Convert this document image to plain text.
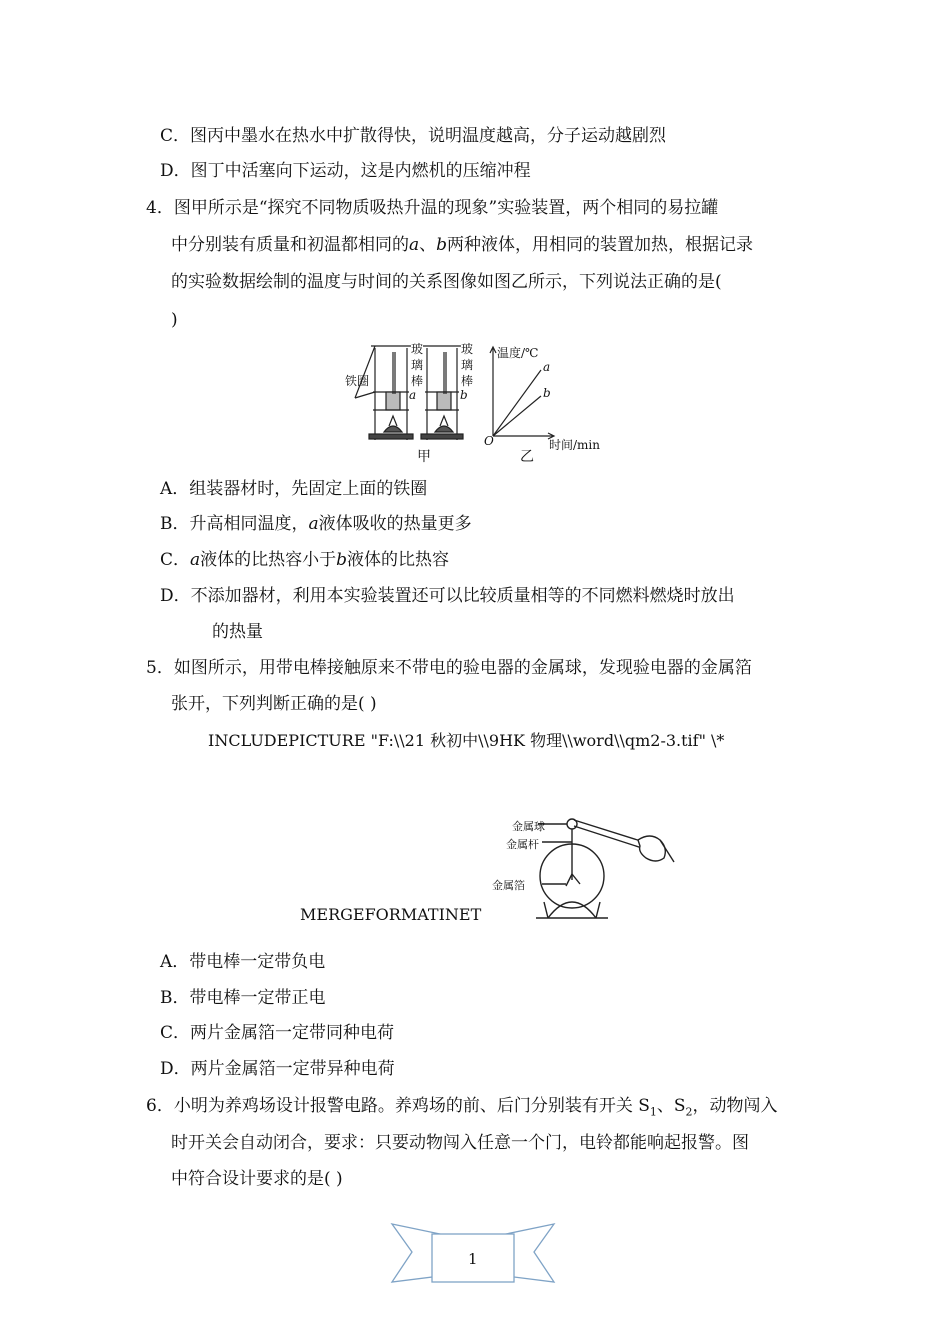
C．图丙中墨水在热水中扩散得快，说明温度越高，分子运动越剧烈
D．图丁中活塞向下运动，这是内燃机的压缩冲程
4．图甲所示是“探究不同物质吸热升温的现象”实验装置，两个相同的易拉罐
中分别装有质量和初温都相同的a、b两种液体，用相同的装置加热，根据记录
的实验数据绘制的温度与时间的关系图像如图乙所示，下列说法正确的是(
)
铁圈
玻
璃
棒
a
玻
璃
棒
b
甲
温度/℃
a
b
O	时间/min
乙
A．组装器材时，先固定上面的铁圈
B．升高相同温度，a液体吸收的热量更多
C．a液体的比热容小于b液体的比热容
D．不添加器材，利用本实验装置还可以比较质量相等的不同燃料燃烧时放出
的热量
5．如图所示，用带电棒接触原来不带电的验电器的金属球，发现验电器的金属箔
张开，下列判断正确的是( )
INCLUDEPICTURE "F:\\21 秋初中\\9HK 物理\\word\\qm2-3.tif" \*
金属球
金属杆
金属箔
MERGEFORMATINET
A．带电棒一定带负电
B．带电棒一定带正电
C．两片金属箔一定带同种电荷
D．两片金属箔一定带异种电荷
6．小明为养鸡场设计报警电路。养鸡场的前、后门分别装有开关 $S_1$、$S_2$，动物闯入
时开关会自动闭合，要求：只要动物闯入任意一个门，电铃都能响起报警。图
中符合设计要求的是( )
1
